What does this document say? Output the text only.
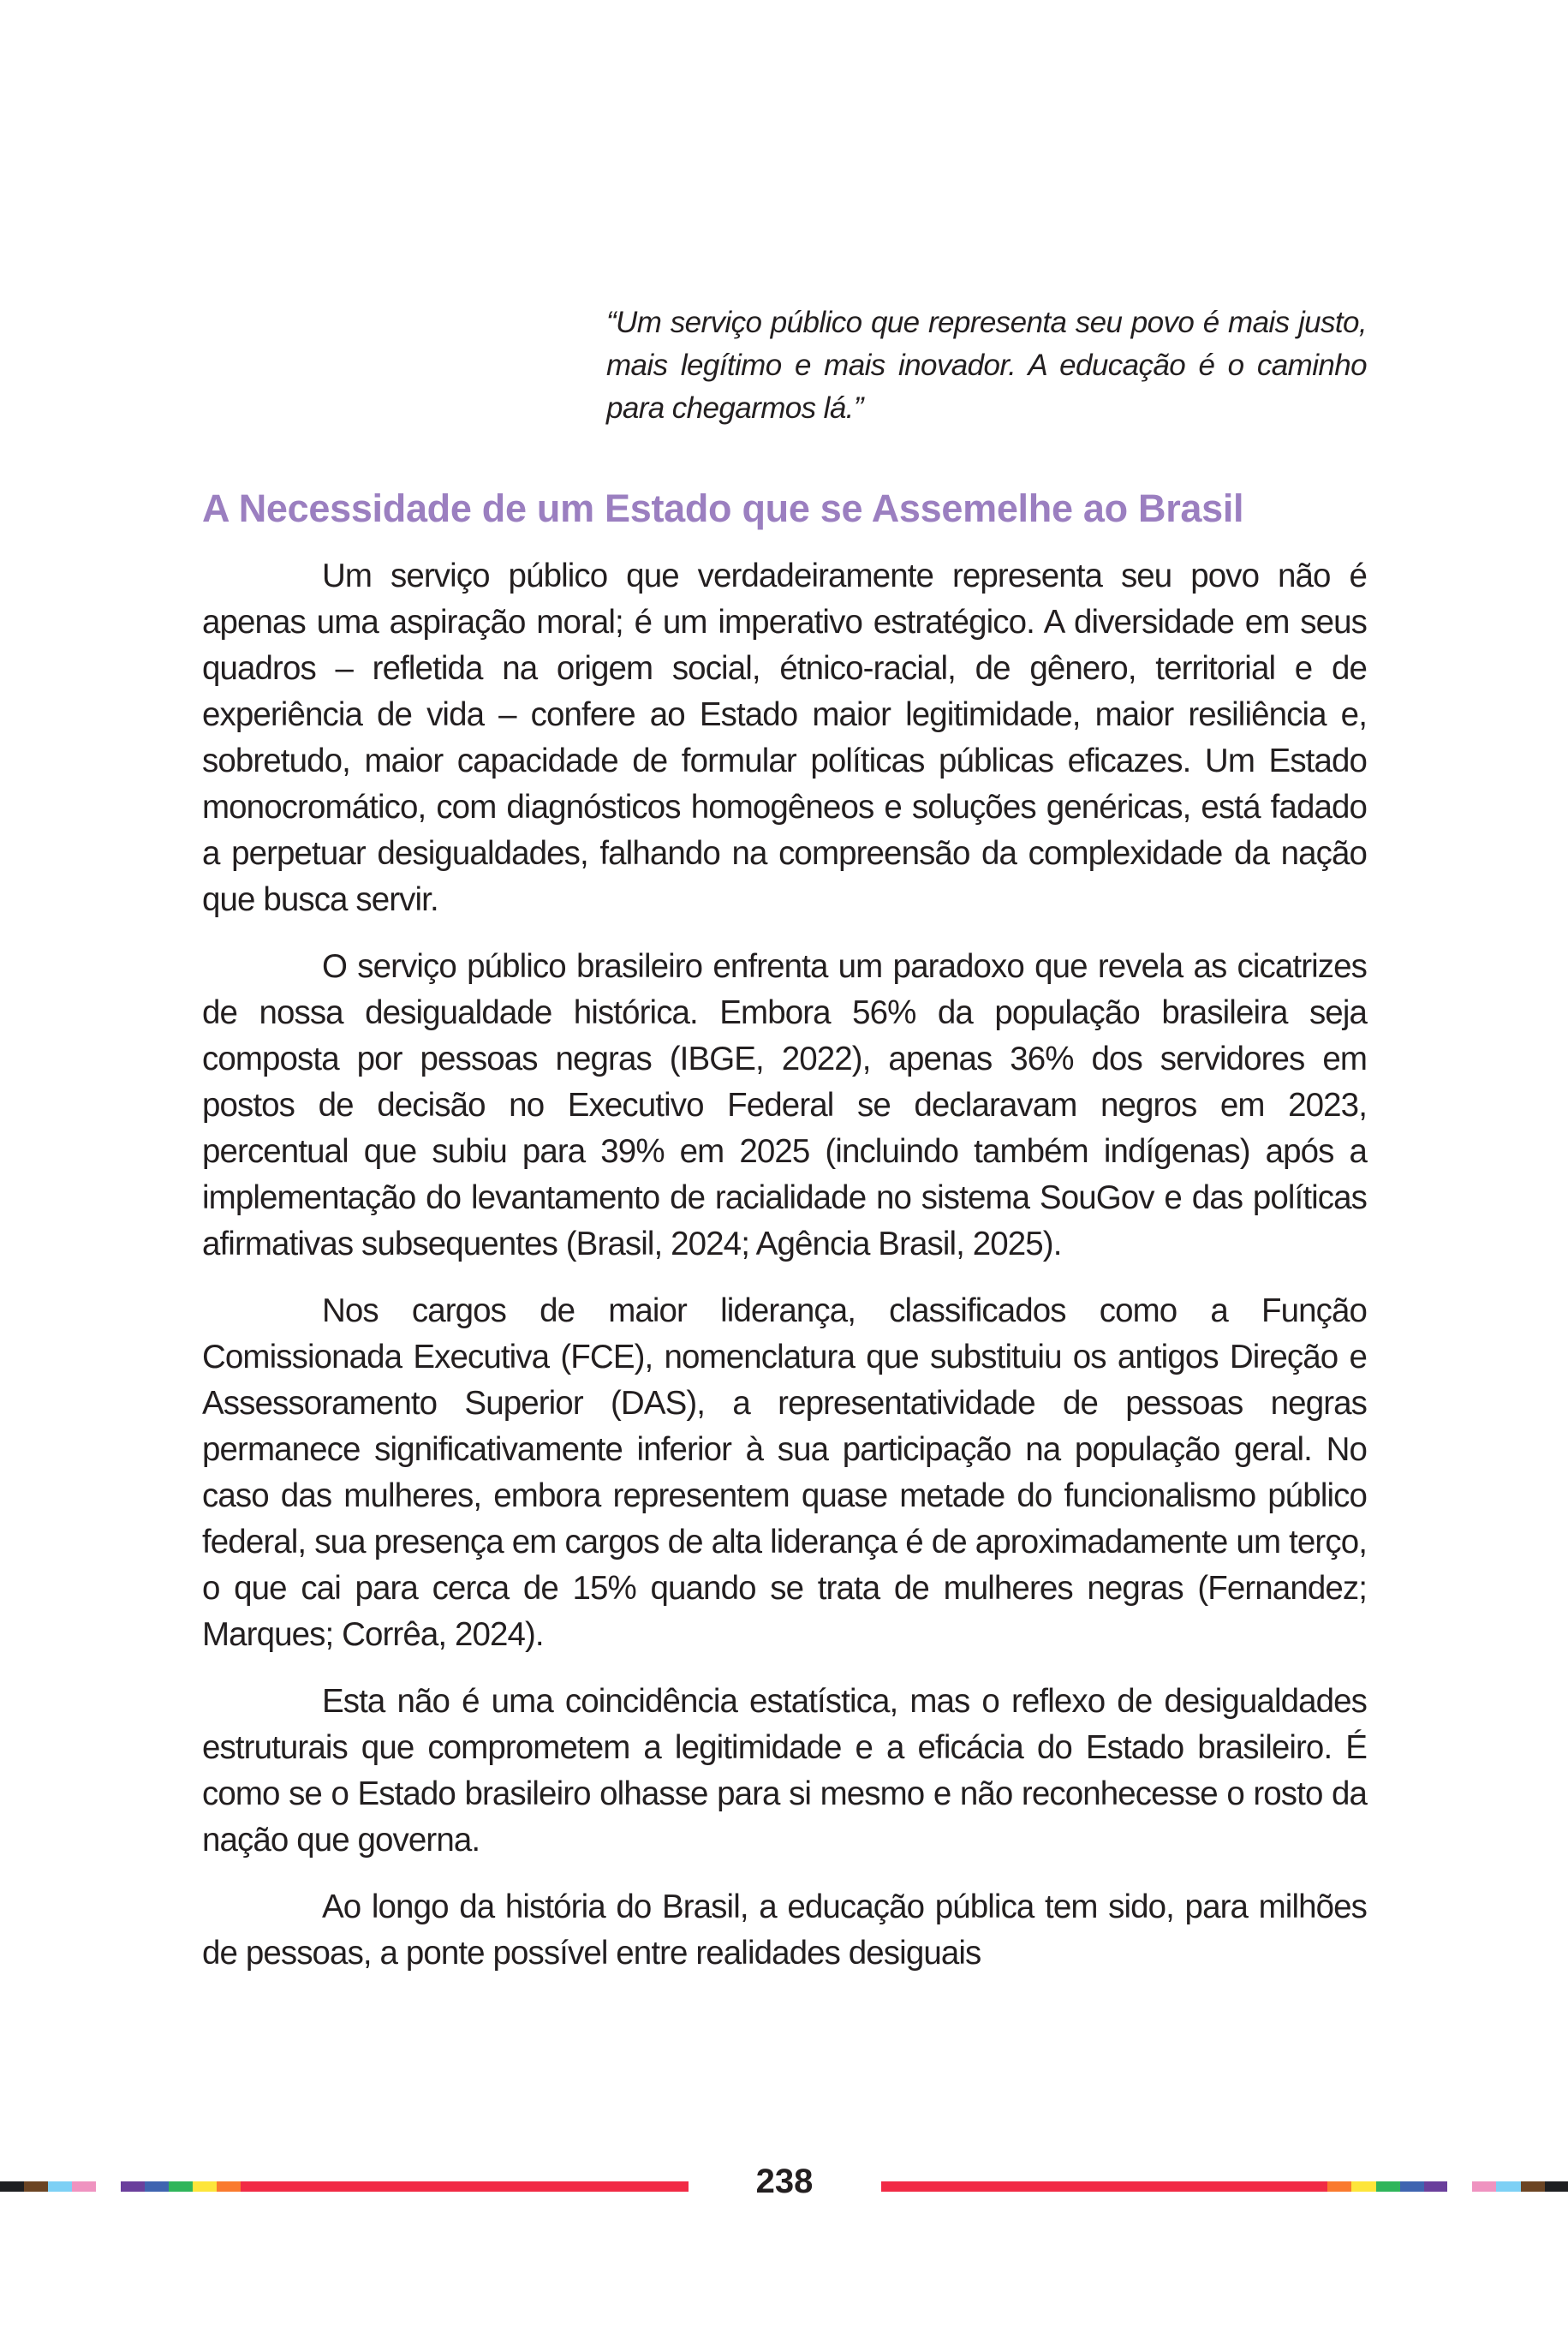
“Um serviço público que representa seu povo é mais justo, mais legítimo e mais inovador. A educação é o caminho para chegarmos lá.”
A Necessidade de um Estado que se Assemelhe ao Brasil

Um serviço público que verdadeiramente representa seu povo não é apenas uma aspiração moral; é um imperativo estratégico. A diversidade em seus quadros – refletida na origem social, étnico-racial, de gênero, territorial e de experiência de vida – confere ao Estado maior legitimidade, maior resiliência e, sobretudo, maior capacidade de formular políticas públicas eficazes. Um Estado monocromático, com diagnósticos homogêneos e soluções genéricas, está fadado a perpetuar desigualdades, falhando na compreensão da complexidade da nação que busca servir.

O serviço público brasileiro enfrenta um paradoxo que revela as cicatrizes de nossa desigualdade histórica. Embora 56% da população brasileira seja composta por pessoas negras (IBGE, 2022), apenas 36% dos servidores em postos de decisão no Executivo Federal se declaravam negros em 2023, percentual que subiu para 39% em 2025 (incluindo também indígenas) após a implementação do levantamento de racialidade no sistema SouGov e das políticas afirmativas subsequentes (Brasil, 2024; Agência Brasil, 2025).

Nos cargos de maior liderança, classificados como a Função Comissionada Executiva (FCE), nomenclatura que substituiu os antigos Direção e Assessoramento Superior (DAS), a representatividade de pessoas negras permanece significativamente inferior à sua participação na população geral. No caso das mulheres, embora representem quase metade do funcionalismo público federal, sua presença em cargos de alta liderança é de aproximadamente um terço, o que cai para cerca de 15% quando se trata de mulheres negras (Fernandez; Marques; Corrêa, 2024).

Esta não é uma coincidência estatística, mas o reflexo de desigualdades estruturais que comprometem a legitimidade e a eficácia do Estado brasileiro. É como se o Estado brasileiro olhasse para si mesmo e não reconhecesse o rosto da nação que governa.

Ao longo da história do Brasil, a educação pública tem sido, para milhões de pessoas, a ponte possível entre realidades desiguais

238
